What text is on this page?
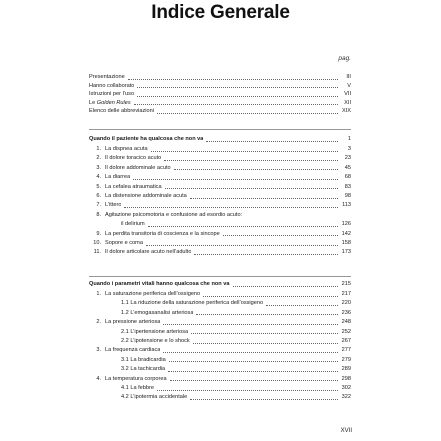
Indice Generale
pag.
Presentazione	III
Hanno collaborato	V
Istruzioni per l’uso	VII
Le Golden Rules	XII
Elenco delle abbreviazioni	XIX
Quando il paziente ha qualcosa che non va	1
1. La dispnea acuta	3
2. Il dolore toracico acuto	23
3. Il dolore addominale acuto	45
4. La diarrea	68
5. La cefalea atraumatica	83
6. La distensione addominale acuta	98
7. L’ittero	113
8. Agitazione psicomotoria e confusione ad esordio acuto:
il delirium	126
9. La perdita transitoria di coscienza e la sincope	142
10. Sopore e coma	158
11. Il dolore articolare acuto nell’adulto	173
Quando i parametri vitali hanno qualcosa che non va	215
1. La saturazione periferica dell’ossigeno	217
1.1 La riduzione della saturazione periferica dell’ossigeno	220
1.2 L’emogasanalisi arteriosa	236
2. La pressione arteriosa	248
2.1 L’ipertensione arteriosa	252
2.2 L’ipotensione e lo shock	267
3. La frequenza cardiaca	277
3.1 La bradicardia	279
3.2 La tachicardia	289
4. La temperatura corporea	298
4.1 La febbre	302
4.2 L’ipotermia accidentale	322
XVII
